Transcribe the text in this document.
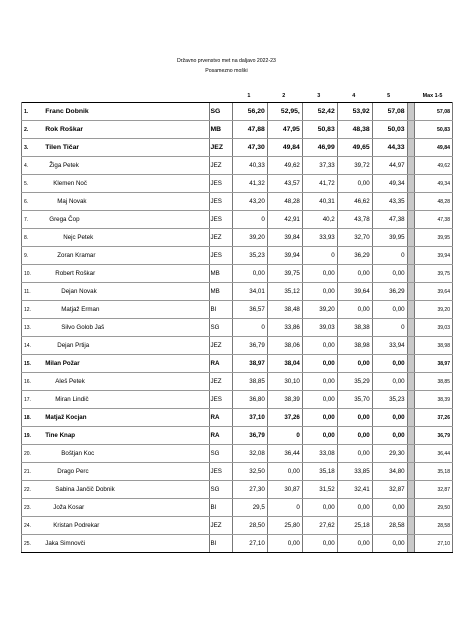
Državno prvenstvo met na daljavo 2022-23
Posamezno moški
			1	2	3	4	5		Max 1-5
1.	Franc Dobnik	SG	56,20	52,95,	52,42	53,92	57,08		57,08
2.	Rok Roškar	MB	47,88	47,95	50,83	48,38	50,03		50,83
3.	Tilen Tičar	JEZ	47,30	49,84	46,99	49,65	44,33		49,84
4.	Žiga Petek	JEZ	40,33	49,62	37,33	39,72	44,97		49,62
5.	Klemen Noč	JES	41,32	43,57	41,72	0,00	49,34		49,34
6.	Maj Novak	JES	43,20	48,28	40,31	46,62	43,35		48,28
7.	Grega Čop	JES	0	42,91	40,2	43,78	47,38		47,38
8.	Nejc Petek	JEZ	39,20	39,84	33,93	32,70	39,95		39,95
9.	Zoran Kramar	JES	35,23	39,94	0	36,29	0		39,94
10.	Robert Roškar	MB	0,00	39,75	0,00	0,00	0,00		39,75
11.	Dejan Novak	MB	34,01	35,12	0,00	39,64	36,29		39,64
12.	Matjaž Erman	BI	36,57	38,48	39,20	0,00	0,00		39,20
13.	Silvo Golob Jaš	SG	0	33,86	39,03	38,38	0		39,03
14.	Dejan Prtija	JEZ	36,79	38,06	0,00	38,98	33,94		38,98
15.	Milan Požar	RA	38,97	38,04	0,00	0,00	0,00		38,97
16.	Aleš Petek	JEZ	38,85	30,10	0,00	35,29	0,00		38,85
17.	Miran Lindič	JES	36,80	38,39	0,00	35,70	35,23		38,39
18.	Matjaž Kocjan	RA	37,10	37,26	0,00	0,00	0,00		37,26
19.	Tine Knap	RA	36,79	0	0,00	0,00	0,00		36,79
20.	Boštjan Koc	SG	32,08	36,44	33,08	0,00	29,30		36,44
21.	Drago Perc	JES	32,50	0,00	35,18	33,85	34,80		35,18
22.	Sabina Jančič Dobnik	SG	27,30	30,87	31,52	32,41	32,87		32,87
23.	Joža Kosar	BI	29,5	0	0,00	0,00	0,00		29,50
24.	Kristan Podrekar	JEZ	28,50	25,80	27,62	25,18	28,58		28,58
25.	Jaka Simnovči	BI	27,10	0,00	0,00	0,00	0,00		27,10
